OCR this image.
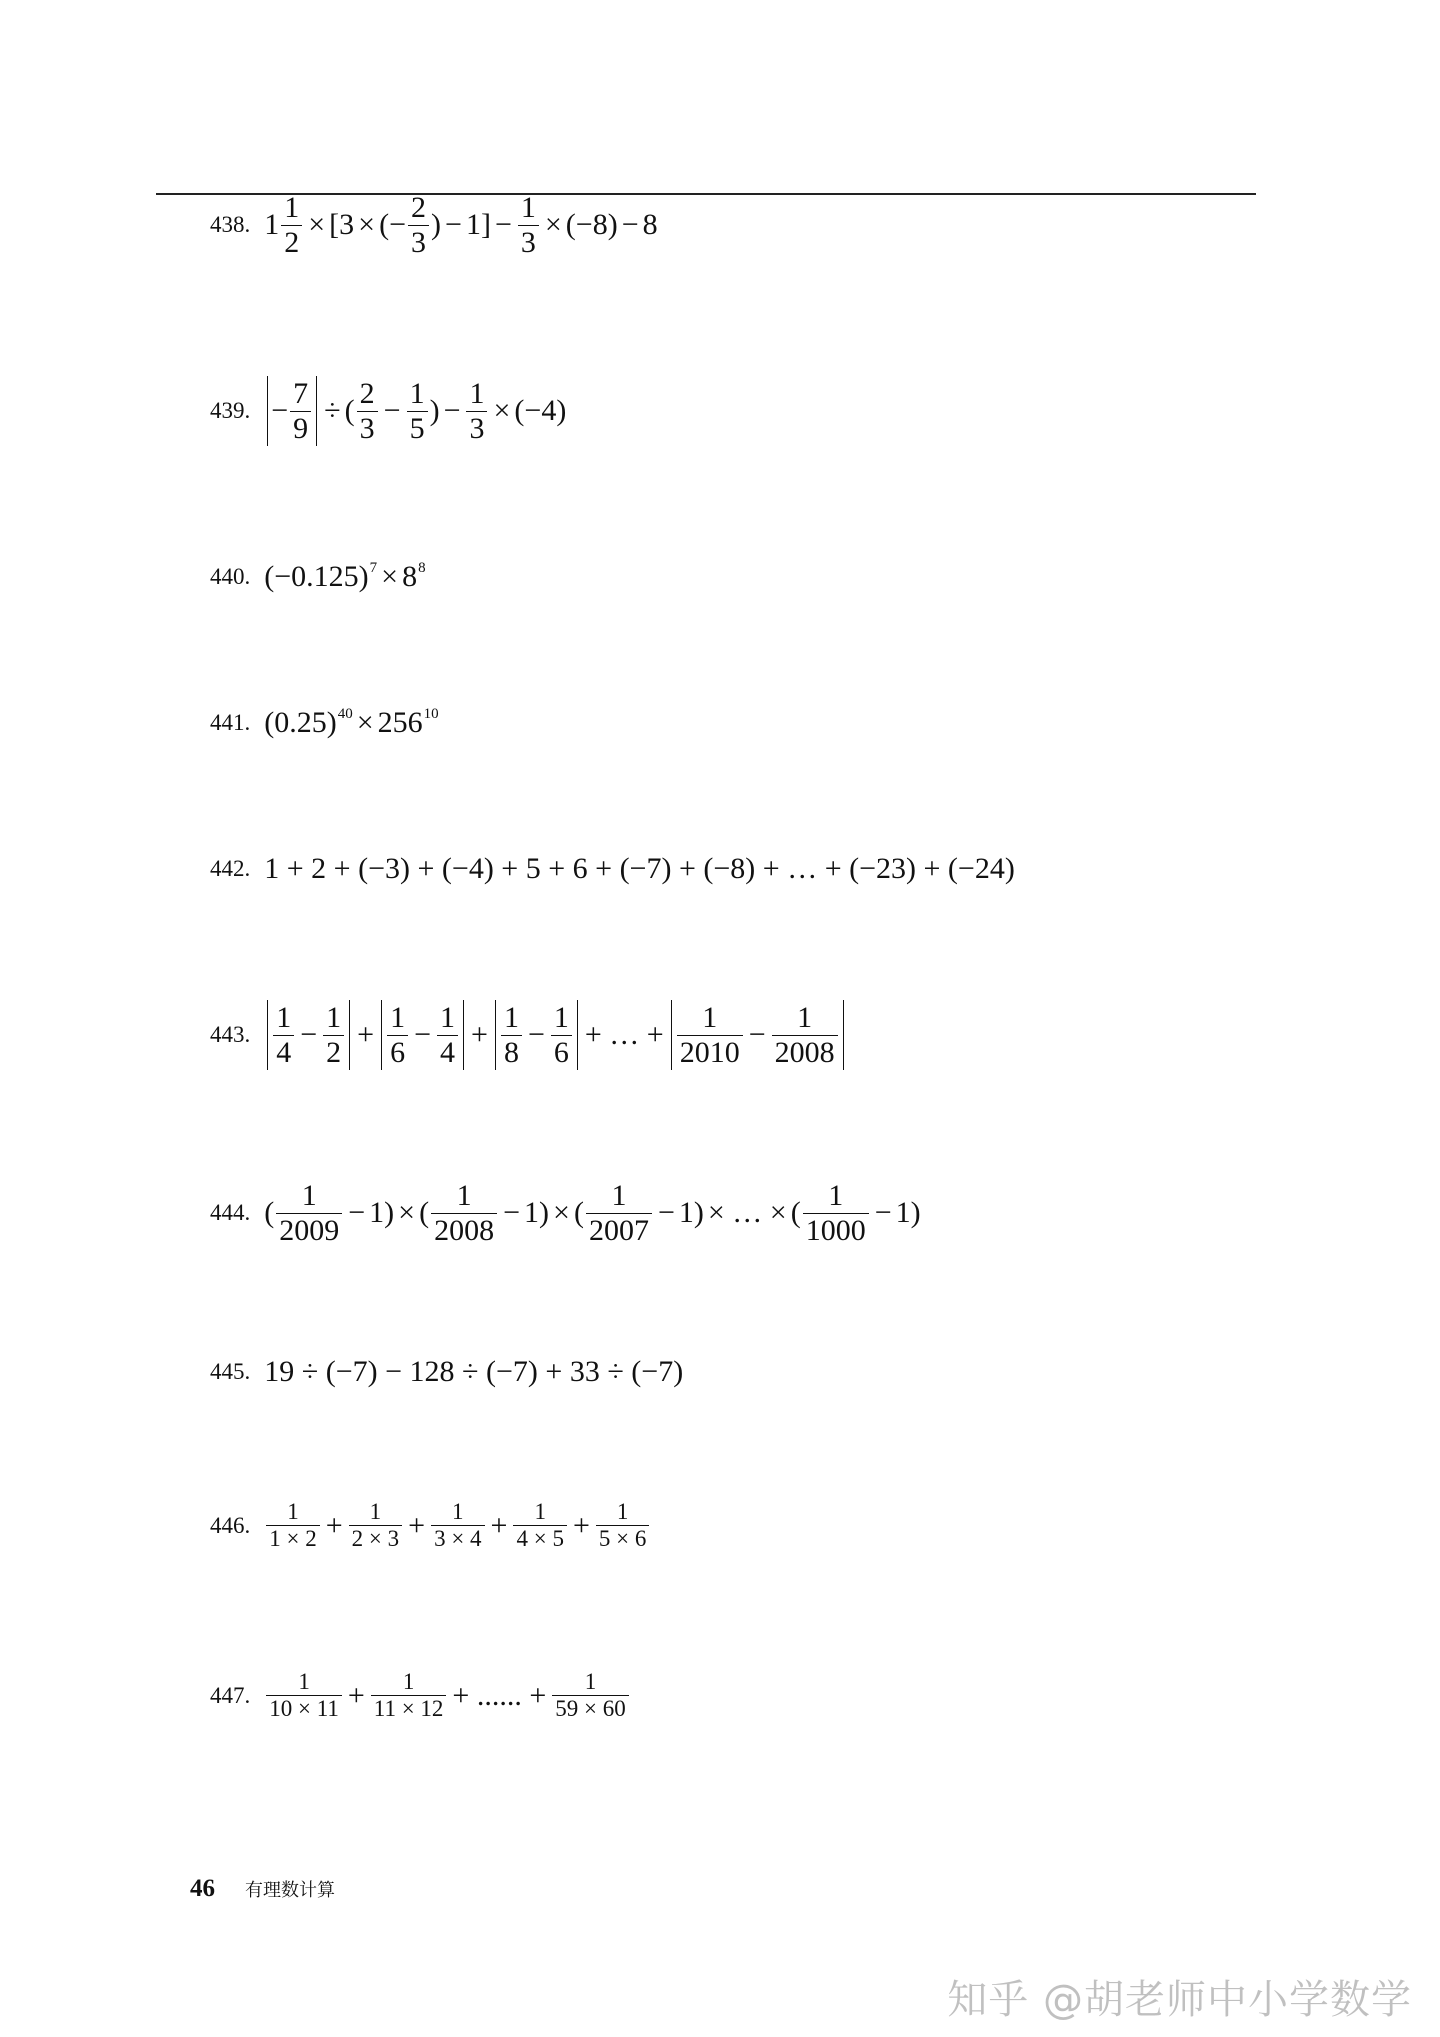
438. $1 \frac{1}{2} \times [3$ × (− $\frac{2}{3}$ ) − $1] - \frac{1}{3} \times (-8) - 8$
439. − $\frac{7}{9}$ ÷ ( $\frac{2}{3} - \frac{1}{5}$ ) − $\frac{1}{3} \times (-4)$
440. $(-0.125)^7 \times 8^8$
441. $(0.25)^{40} \times 256^{10}$
442. 1 + 2 + (−3) + (−4) + 5 + 6 + (−7) + (−8) + … + (−23) + (−24)
443. $\frac{1}{4} - \frac{1}{2} + \frac{1}{6} - \frac{1}{4} + \frac{1}{8} - \frac{1}{6}$ + … + $\frac{1}{2010} - \frac{1}{2008}$
444. ( $\frac{1}{2009} - 1$) × ( $\frac{1}{2008} - 1$) × ( $\frac{1}{2007} - 1$) × … × ( $\frac{1}{1000} - 1$)
445. 19 ÷ (−7) − 128 ÷ (−7) + 33 ÷ (−7)
446. $\frac{1}{1 \times 2} + \frac{1}{2 \times 3} + \frac{1}{3 \times 4} + \frac{1}{4 \times 5} + \frac{1}{5 \times 6}$
447. $\frac{1}{10 \times 11} + \frac{1}{11 \times 12}$ + ...... + $\frac{1}{59 \times 60}$
46 有理数计算
知乎 @胡老师中小学数学
